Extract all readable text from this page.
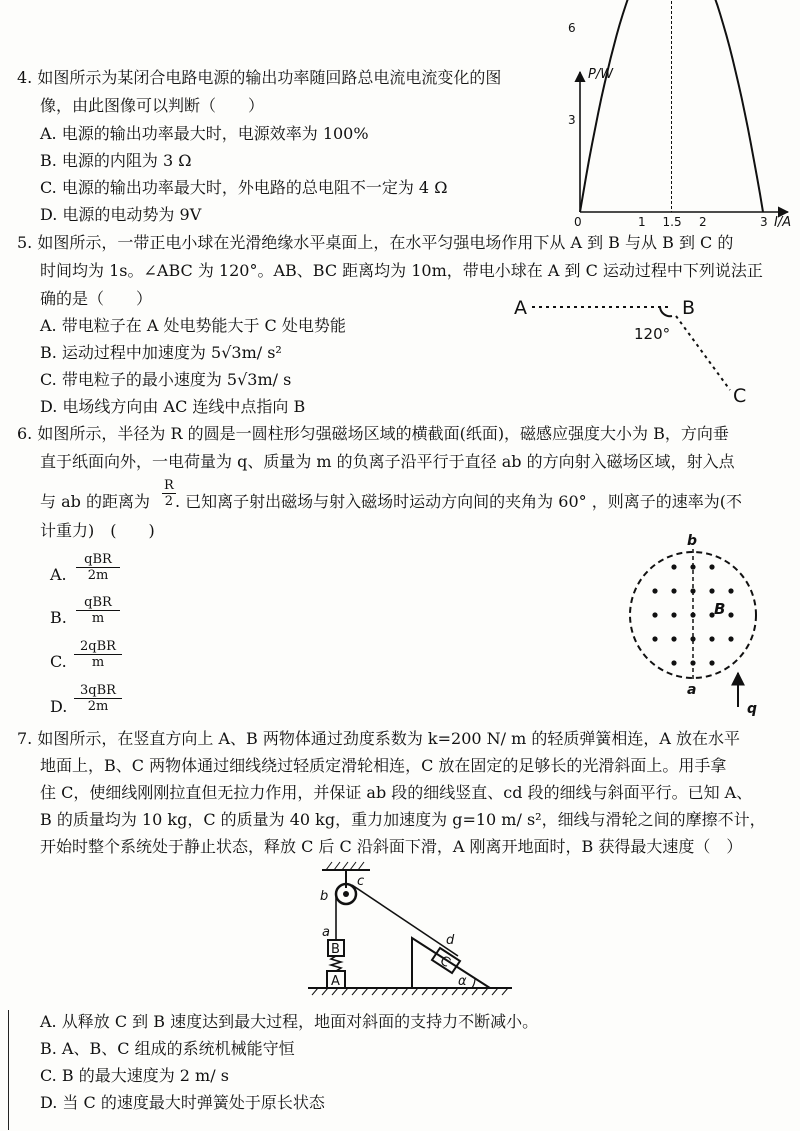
4. 如图所示为某闭合电路电源的输出功率随回路总电流电流变化的图
像，由此图像可以判断（　　）
A. 电源的输出功率最大时，电源效率为 100%
B. 电源的内阻为 3 Ω
C. 电源的输出功率最大时，外电路的总电阻不一定为 4 Ω
D. 电源的电动势为 9V
P/W
I/A
0
3
6
1 1.5 2	3
5. 如图所示，一带正电小球在光滑绝缘水平桌面上，在水平匀强电场作用下从 A 到 B 与从 B 到 C 的
时间均为 1s。∠ABC 为 120°。AB、BC 距离均为 10m，带电小球在 A 到 C 运动过程中下列说法正
确的是（　　）
A. 带电粒子在 A 处电势能大于 C 处电势能
B. 运动过程中加速度为 5√3m/ s²
C. 带电粒子的最小速度为 5√3m/ s
D. 电场线方向由 AC 连线中点指向 B
A	B
C
120°
6. 如图所示，半径为 R 的圆是一圆柱形匀强磁场区域的横截面(纸面)，磁感应强度大小为 B，方向垂
直于纸面向外，一电荷量为 q、质量为 m 的负离子沿平行于直径 ab 的方向射入磁场区域，射入点
与 ab 的距离为 $\frac{R}{2}$ . 已知离子射出磁场与射入磁场时运动方向间的夹角为 60° ，则离子的速率为(不
计重力)　(　　)
A.
qBR
2m
B.
qBR
m
C.
2qBR
m
D.
3qBR
2m
b
a
B
q
7. 如图所示，在竖直方向上 A、B 两物体通过劲度系数为 k=200 N/ m 的轻质弹簧相连，A 放在水平
地面上，B、C 两物体通过细线绕过轻质定滑轮相连，C 放在固定的足够长的光滑斜面上。用手拿
住 C，使细线刚刚拉直但无拉力作用，并保证 ab 段的细线竖直、cd 段的细线与斜面平行。已知 A、
B 的质量均为 10 kg，C 的质量为 40 kg，重力加速度为 g=10 m/ s²，细线与滑轮之间的摩擦不计，
开始时整个系统处于静止状态，释放 C 后 C 沿斜面下滑，A 刚离开地面时，B 获得最大速度（　）
b
c
a
d
B
A
C
α
A. 从释放 C 到 B 速度达到最大过程，地面对斜面的支持力不断减小。
B. A、B、C 组成的系统机械能守恒
C. B 的最大速度为 2 m/ s
D. 当 C 的速度最大时弹簧处于原长状态
